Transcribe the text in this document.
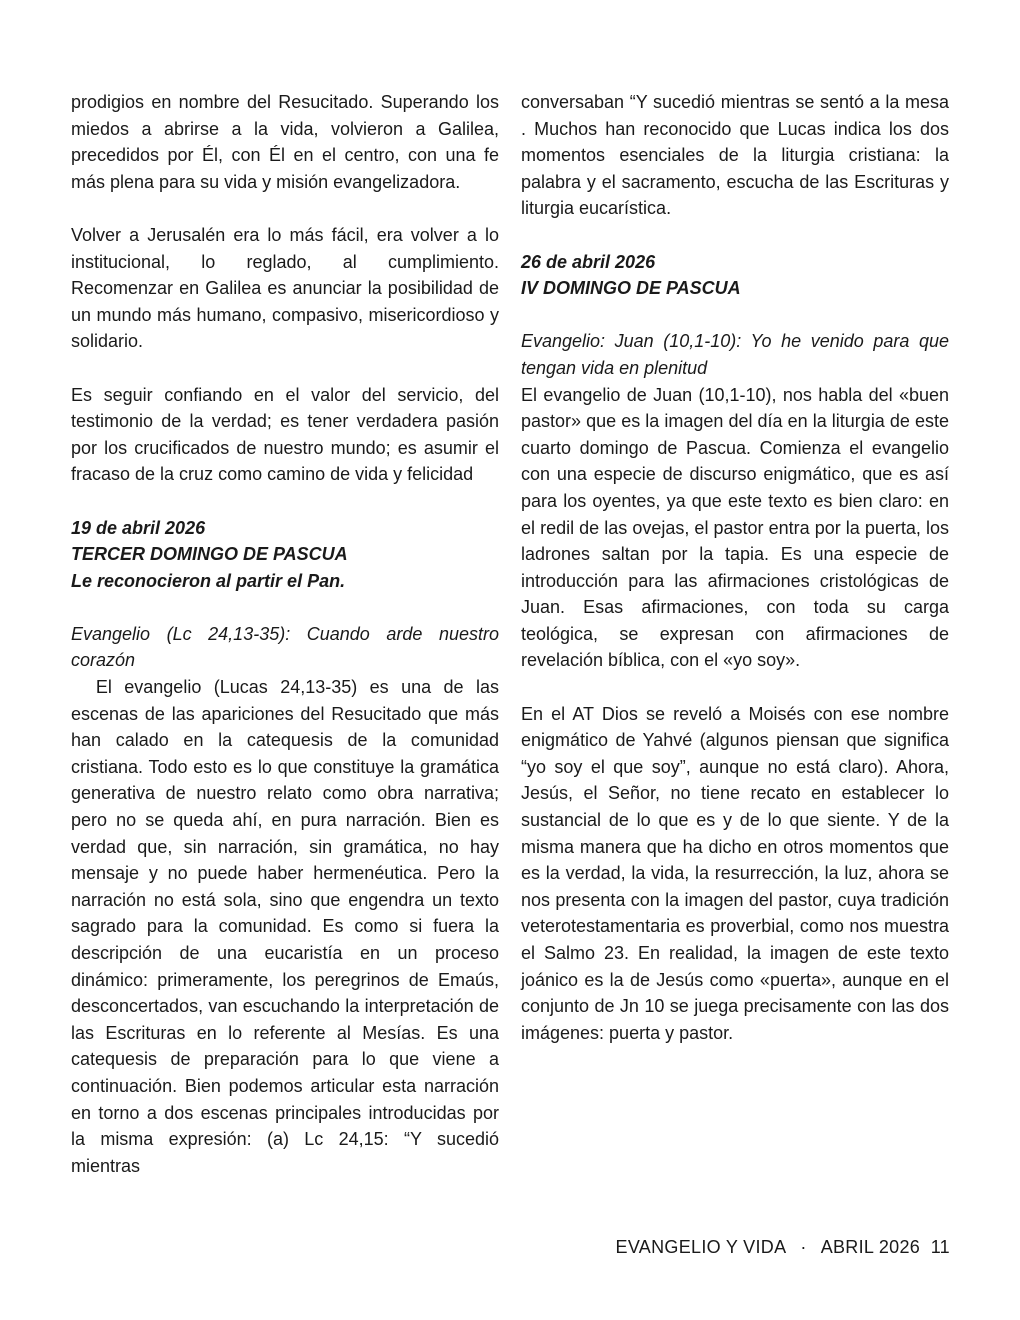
prodigios en nombre del Resucitado. Superando los miedos a abrirse a la vida, volvieron a Galilea, precedidos por Él, con Él en el centro, con una fe más plena para su vida y misión evangelizadora.

Volver a Jerusalén era lo más fácil, era volver a lo institucional, lo reglado, al cumplimiento. Recomenzar en Galilea es anunciar la posibilidad de un mundo más humano, compasivo, misericordioso y solidario.

Es seguir confiando en el valor del servicio, del testimonio de la verdad; es tener verdadera pasión por los crucificados de nuestro mundo; es asumir el fracaso de la cruz como camino de vida y felicidad

19 de abril 2026

TERCER DOMINGO DE PASCUA

Le reconocieron al partir el Pan.

Evangelio (Lc 24,13-35): Cuando arde nuestro corazón

El evangelio (Lucas 24,13-35) es una de las escenas de las apariciones del Resucitado que más han calado en la catequesis de la comunidad cristiana. Todo esto es lo que constituye la gramática generativa de nuestro relato como obra narrativa; pero no se queda ahí, en pura narración. Bien es verdad que, sin narración, sin gramática, no hay mensaje y no puede haber hermenéutica. Pero la narración no está sola, sino que engendra un texto sagrado para la comunidad. Es como si fuera la descripción de una eucaristía en un proceso dinámico: primeramente, los peregrinos de Emaús, desconcertados, van escuchando la interpretación de las Escrituras en lo referente al Mesías. Es una catequesis de preparación para lo que viene a continuación. Bien podemos articular esta narración en torno a dos escenas principales introducidas por la misma expresión: (a) Lc 24,15: “Y sucedió mientras

conversaban “Y sucedió mientras se sentó a la mesa . Muchos han reconocido que Lucas indica los dos momentos esenciales de la liturgia cristiana: la palabra y el sacramento, escucha de las Escrituras y liturgia eucarística.

26 de abril 2026

IV DOMINGO DE PASCUA

Evangelio: Juan (10,1-10): Yo he venido para que tengan vida en plenitud

El evangelio de Juan (10,1-10), nos habla del «buen pastor» que es la imagen del día en la liturgia de este cuarto domingo de Pascua. Comienza el evangelio con una especie de discurso enigmático, que es así para los oyentes, ya que este texto es bien claro: en el redil de las ovejas, el pastor entra por la puerta, los ladrones saltan por la tapia. Es una especie de introducción para las afirmaciones cristológicas de Juan. Esas afirmaciones, con toda su carga teológica, se expresan con afirmaciones de revelación bíblica, con el «yo soy».

En el AT Dios se reveló a Moisés con ese nombre enigmático de Yahvé (algunos piensan que significa “yo soy el que soy”, aunque no está claro). Ahora, Jesús, el Señor, no tiene recato en establecer lo sustancial de lo que es y de lo que siente. Y de la misma manera que ha dicho en otros momentos que es la verdad, la vida, la resurrección, la luz, ahora se nos presenta con la imagen del pastor, cuya tradición veterotestamentaria es proverbial, como nos muestra el Salmo 23. En realidad, la imagen de este texto joánico es la de Jesús como «puerta», aunque en el conjunto de Jn 10 se juega precisamente con las dos imágenes: puerta y pastor.

EVANGELIO Y VIDA · ABRIL 2026 11
